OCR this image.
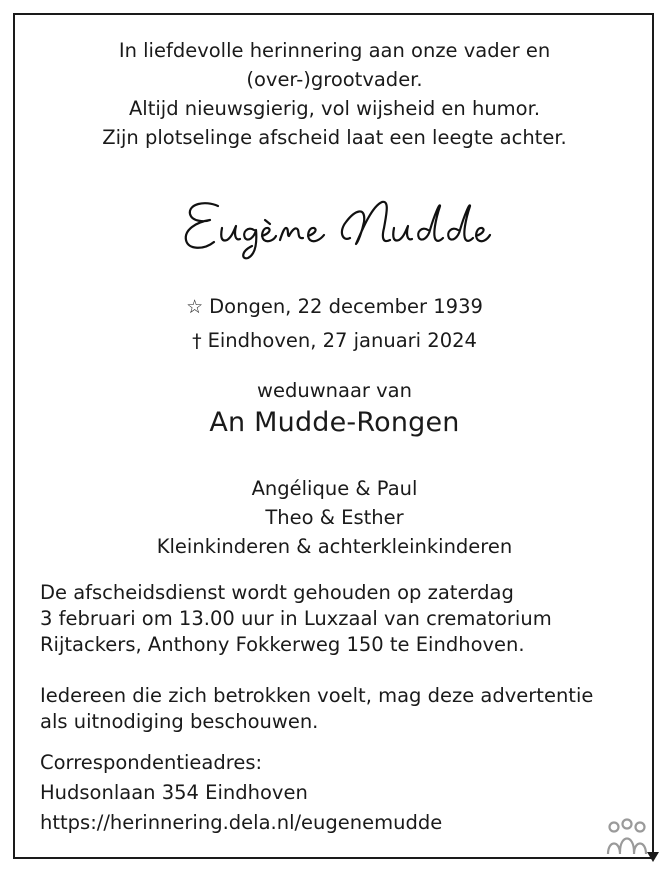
In liefdevolle herinnering aan onze vader en
(over-)grootvader.
Altijd nieuwsgierig, vol wijsheid en humor.
Zijn plotselinge afscheid laat een leegte achter.
☆ Dongen, 22 december 1939
† Eindhoven, 27 januari 2024
weduwnaar van
An Mudde-Rongen
Angélique & Paul
Theo & Esther
Kleinkinderen & achterkleinkinderen
De afscheidsdienst wordt gehouden op zaterdag
3 februari om 13.00 uur in Luxzaal van crematorium
Rijtackers, Anthony Fokkerweg 150 te Eindhoven.
Iedereen die zich betrokken voelt, mag deze advertentie
als uitnodiging beschouwen.
Correspondentieadres:
Hudsonlaan 354 Eindhoven
https://herinnering.dela.nl/eugenemudde
